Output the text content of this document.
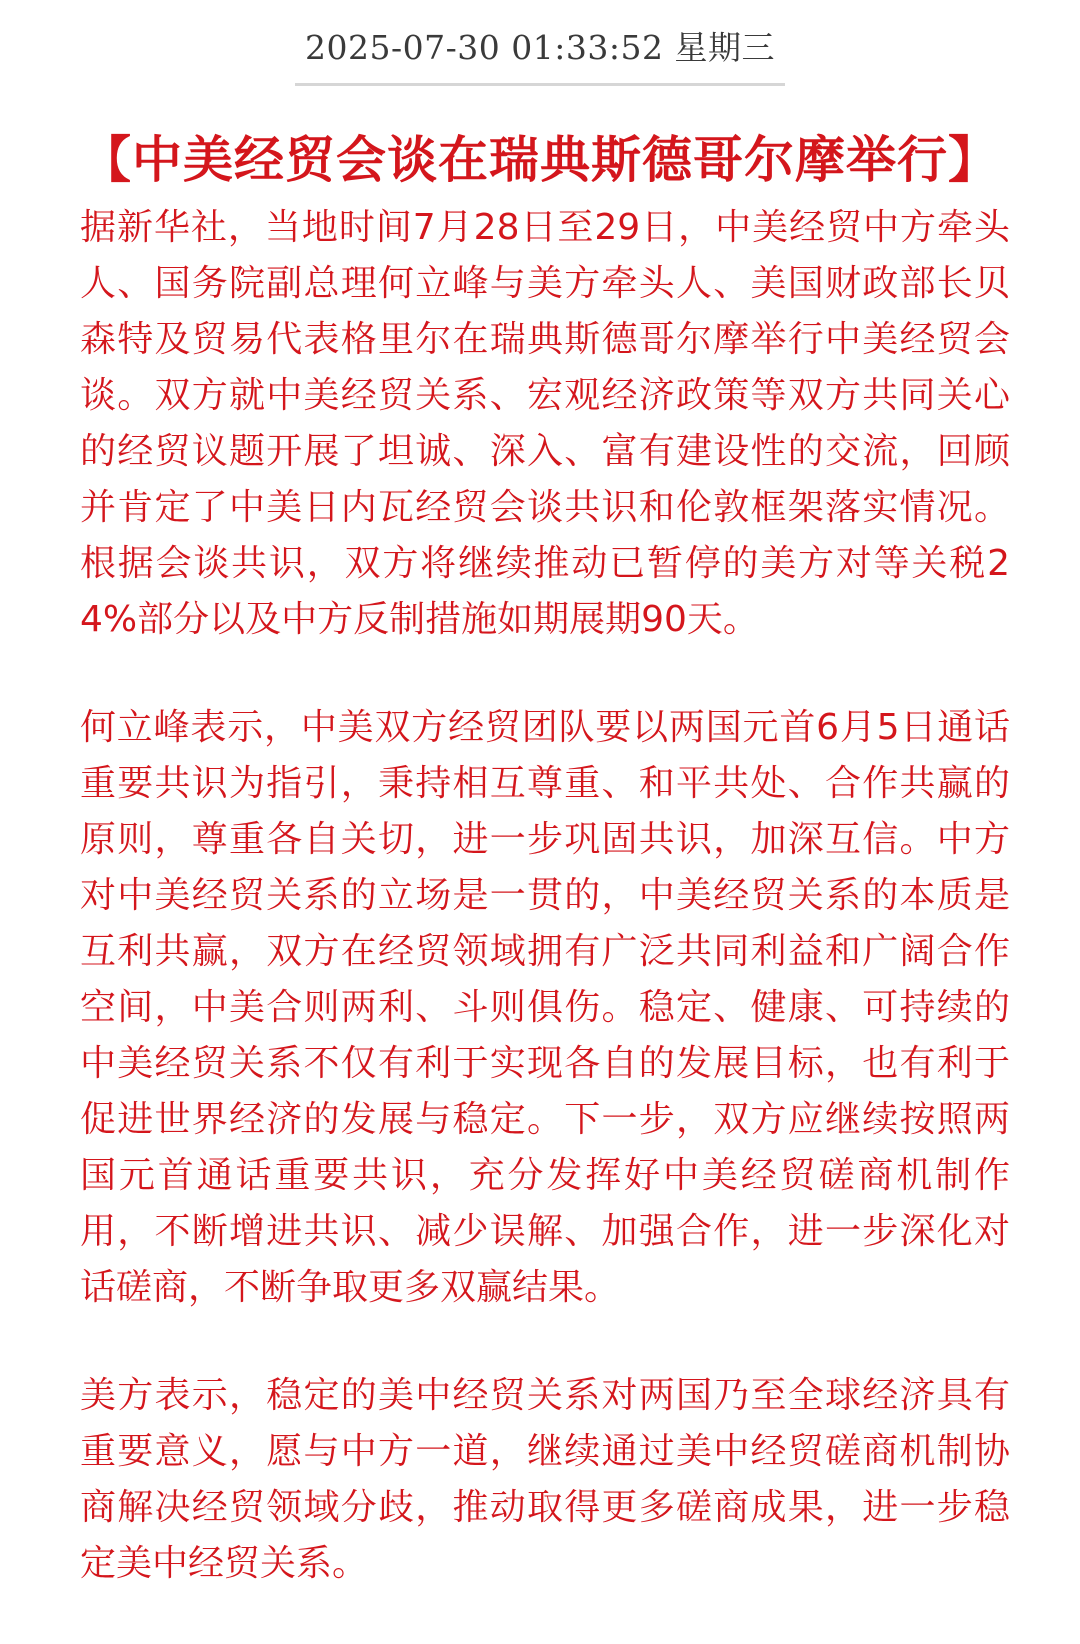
2025-07-30 01:33:52 星期三
【中美经贸会谈在瑞典斯德哥尔摩举行】

据新华社，当地时间7月28日至29日，中美经贸中方牵头人、国务院副总理何立峰与美方牵头人、美国财政部长贝森特及贸易代表格里尔在瑞典斯德哥尔摩举行中美经贸会谈。双方就中美经贸关系、宏观经济政策等双方共同关心的经贸议题开展了坦诚、深入、富有建设性的交流，回顾并肯定了中美日内瓦经贸会谈共识和伦敦框架落实情况。根据会谈共识，双方将继续推动已暂停的美方对等关税24%部分以及中方反制措施如期展期90天。

何立峰表示，中美双方经贸团队要以两国元首6月5日通话重要共识为指引，秉持相互尊重、和平共处、合作共赢的原则，尊重各自关切，进一步巩固共识，加深互信。中方对中美经贸关系的立场是一贯的，中美经贸关系的本质是互利共赢，双方在经贸领域拥有广泛共同利益和广阔合作空间，中美合则两利、斗则俱伤。稳定、健康、可持续的中美经贸关系不仅有利于实现各自的发展目标，也有利于促进世界经济的发展与稳定。下一步，双方应继续按照两国元首通话重要共识，充分发挥好中美经贸磋商机制作用，不断增进共识、减少误解、加强合作，进一步深化对话磋商，不断争取更多双赢结果。

美方表示，稳定的美中经贸关系对两国乃至全球经济具有重要意义，愿与中方一道，继续通过美中经贸磋商机制协商解决经贸领域分歧，推动取得更多磋商成果，进一步稳定美中经贸关系。
